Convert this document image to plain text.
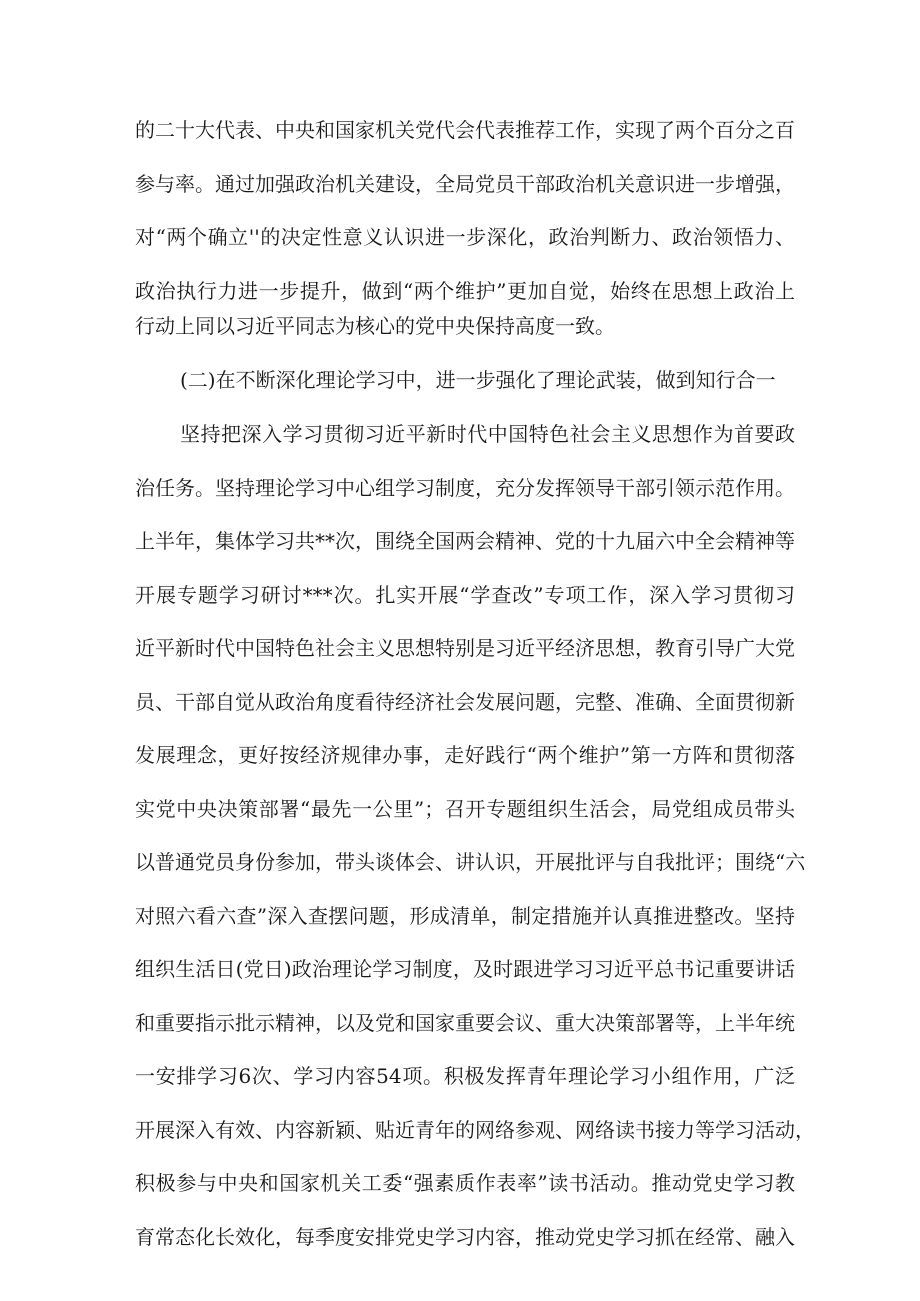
的二十大代表、中央和国家机关党代会代表推荐工作，实现了两个百分之百
参与率。通过加强政治机关建设，全局党员干部政治机关意识进一步增强，
对“两个确立''的决定性意义认识进一步深化，政治判断力、政治领悟力、
政治执行力进一步提升，做到“两个维护”更加自觉，始终在思想上政治上
行动上同以习近平同志为核心的党中央保持高度一致。
(二)在不断深化理论学习中，进一步强化了理论武装，做到知行合一
坚持把深入学习贯彻习近平新时代中国特色社会主义思想作为首要政
治任务。坚持理论学习中心组学习制度，充分发挥领导干部引领示范作用。
上半年，集体学习共**次，围绕全国两会精神、党的十九届六中全会精神等
开展专题学习研讨***次。扎实开展“学查改”专项工作，深入学习贯彻习
近平新时代中国特色社会主义思想特别是习近平经济思想，教育引导广大党
员、干部自觉从政治角度看待经济社会发展问题，完整、准确、全面贯彻新
发展理念，更好按经济规律办事，走好践行“两个维护”第一方阵和贯彻落
实党中央决策部署“最先一公里”；召开专题组织生活会，局党组成员带头
以普通党员身份参加，带头谈体会、讲认识，开展批评与自我批评；围绕“六
对照六看六查”深入查摆问题，形成清单，制定措施并认真推进整改。坚持
组织生活日(党日)政治理论学习制度，及时跟进学习习近平总书记重要讲话
和重要指示批示精神，以及党和国家重要会议、重大决策部署等，上半年统
一安排学习6次、学习内容54项。积极发挥青年理论学习小组作用，广泛
开展深入有效、内容新颖、贴近青年的网络参观、网络读书接力等学习活动，
积极参与中央和国家机关工委“强素质作表率”读书活动。推动党史学习教
育常态化长效化，每季度安排党史学习内容，推动党史学习抓在经常、融入
